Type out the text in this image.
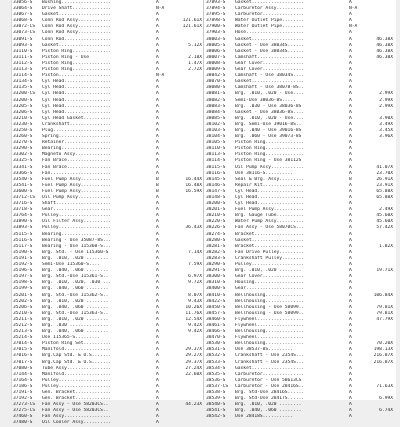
33056-S	Bushing..................	A
33064-S	Drive Shaft..............	N-A
33067-S	Gasket...................	A
33068-S	Conn Rod Assy............	A	121.61X
33072-CS	Conn Rod Assy............	A	121.61X
33073-CS	Conn Rod Assy............	A
33091-S	Conn Rod.................	A
33093-S	Gasket...................	A	5.12X
33110-S	Piston Ring..............	A
33111-S	Piston Ring - Use	A	2.18X
33112-S	Piston Ring..............	A	1.47X
33113-S	Piston Ring..............	A	2.72X
33114-S	Piston...................	N-A
33134-S	Cyl Head.................	A
33135-S	Cyl Head.................	A
33200-CS	Cyl Head.................	A
33200-S	Cyl Head.................	A
33205-S	Cyl Head.................	A
33206-S	Cyl Head.................	A
33210-S	Cyl Head Gasket..........	A
33230-S	Crankshaft...............	A
33250-S	Plug.....................	A
33260-S	Spring...................	A
33270-S	Retainer.................	A
33290-S	Bearing..................	A
33302-S	Magneto Assy.............	A
33325-S	Fan Brace................	A
33341-S	Fan Brace................	A
33366-S	Fan......................	A
33540-S	Fuel Pump Assy...........	B	16.44X
33541-S	Fuel Pump Assy...........	B	16.48X
33600-S	Fuel Pump Assy...........	B	16.59X
33712-CS	Oil Pump Assy............	A
33716-S	Shaft....................	A
33718-S	Gear.....................	A
33764-S	Pulley...................	A
33890-S	Oil Filter Assy..........	A
33893-S	Pulley...................	A	36.43X
35115-S	Bearing..................	A
35116-S	Bearing - Use 35087-8S...	A
35117-S	Bearing - Use 115360-S...	A
35190-S	Brg. Std. - Use 115360-S	A	7.14X
35191-S	Brg. .010, .020 ........	A
35192-S	Semi-Use 115360-S....	A	7.59X
35196-S	Brg. .040, .060 ........	A
35197-S	Brg. Std.-Use 115361-S..	A	6.97X
35198-S	Brg. .010, .020, .030 ...	A	9.72X
35199-S	Brg. .040, .060 ........	A
35201-S	Brg. Std.-Use 115362-S..	A	8.07X
35202-S	Brg. .010, .020 ........	A	9.43X
35206-S	Brg. .040, .060 ........	A	10.26X
35210-S	Brg. Std.-Use 115363-S..	A	11.76X
35211-S	Brg. .010, .020 ........	A	12.54X
35212-S	Brg. .030 ..............	A	9.42X
35213-S	Brg. .040, .060 ........	A	9.42X
35214-S	Use 115365-S.........	A
37014-S	Piston Ring Set..........	A
37015-S	Manifold.................	A	29.37X
37016-S	Brg.Cap Std. & O.S.......	A	29.27X
37017-S	Brg.Cap Std. & O.S.......	A	29.37X
37080-S	Tube Assy................	A	27.24X
37144-S	Manifold.................	A	22.60X
37164-S	Pulley...................	A
37186-S	Pulley...................	A
37191-S	Gen. Bracket.............	A
37192-S	Gen. Bracket.............	A
37273-CS	Fan Assy - Use 58203CS..	A	44.23X
37275-CS	Fan Assy - Use 58203CS..	A
37460-S	Fan Assy.................	A
37480-S	Oil Cooler Assy..........	A
37893-S	Gasket...................	A
37894-S	Carburetor Assy..........	N-A
37895-S	Carburetor...............	A
37898-S	Water Outlet Pipe........	A
37900-S	Water Outlet Pipe........	N-A
37903-S	Hose.....................	A
38003-S	Gasket...................	A	46.38X
38005-S	Gasket - Use 38034S......	A	46.38X
38006-S	Gasket - Use 38034S......	A	46.38X
38007-S	Camshaft.................	A	46.38X
38008-S	Gear Cover...............	A
38009-S	Gear Cover...............	A
38042-S	Camshaft - Use 38034S....	A
38070-S	Gasket...................	A
38080-S	Camshaft - Use 38078-8S..	A
38081-S	Brg. .010, .020 - Use....	A	2.99X
38082-S	Semi-Use 38036-8S.....	A	2.99X
38083-S	Brg. .030 - Use 38036-8S	A	2.99X
38084-S	Gasket - Use 38036-8S....	A
38085-S	Brg. .010, .020 - Use....	A	3.90X
38102-S	Brg. Semi-Use 39016-8S..	A	3.49X
38103-S	Brg. .040 - Use 39016-8S	A	3.45X
38104-S	Brg. .060 - Use 39073-8S	A	3.96X
38105-S	Piston Ring..............	A
38110-S	Piston Ring..............	A
38113-S	Piston Ring..............	A
38114-S	Piston Ring - Use 38112S	A
38115-S	Oil Pump Assy............	A	41.07X
38116-S	Use 38116-S..........	A	23.70X
38145-S	Seal & Brg. Assy.........	B	26.91X
38146-S	Repair Kit...............	A	23.91X
38147-S	Cyl Head.................	A	65.88X
38148-S	Cyl Head.................	A	65.88X
38200-S	Cyl Head.................	A
38201-S	Fuel Pump Assy...........	A	2.49X
38210-S	Brg. Gauge Tube..........	A	45.60X
38220-S	Water Pump Assy..........	A	45.60X
38226-S	Fan Assy - Use 58070CS...	A	57.42X
38274-S	Bracket..................	A
38280-S	Gasket...................	A
38281-S	Bracket..................	A	1.82X
38282-S	Fan Drive Pulley.........	A
38283-S	Crankshaft Pulley........	A
38290-S	Pulley...................	A
38291-S	Brg. .010, .020 ........	A	19.71X
38300-S	Gear Cover...............	A
38310-S	Housing..................	A
38400-S	Gear.....................	A
38410-S	Bellhousing..............	A	106.84X
38422-S	Bellhousing..............	A
38450-S	Bellhousing - Use 58099..	A	79.81X
38457-S	Bellhousing - Use 58099..	A	79.81X
38460-S	Flywheel.................	A	47.79X
38461-S	Flywheel.................	A
38466-S	Bellhousing..............	A
38470-S	Flywheel.................	A
38530-S	Bellhousing..............	A	70.20X
38531-S	Use 38537-8S.........	A	198.13X
38532-S	Crankshaft - Use 2354S...	A	216.87X
38533-S	Crankshaft - Use 2354S...	A	216.87X
38534-S	Gasket...................	A
38535-S	Carburetor...............	A
38536-S	Carburetor - Use 58613CS	A
38537-CS	Carburetor - Use 28416S..	A	71.63X
38538-S	Brg. Std-Use 28416S......	A
38539-S	Brg. Std-Use 28417S......	A	6.99X
38540-S	Brg. .010, .020 ........	A
38541-S	Brg. .040, .060 ........	A	6.74X
38542-S	Use 28418S...........	A
